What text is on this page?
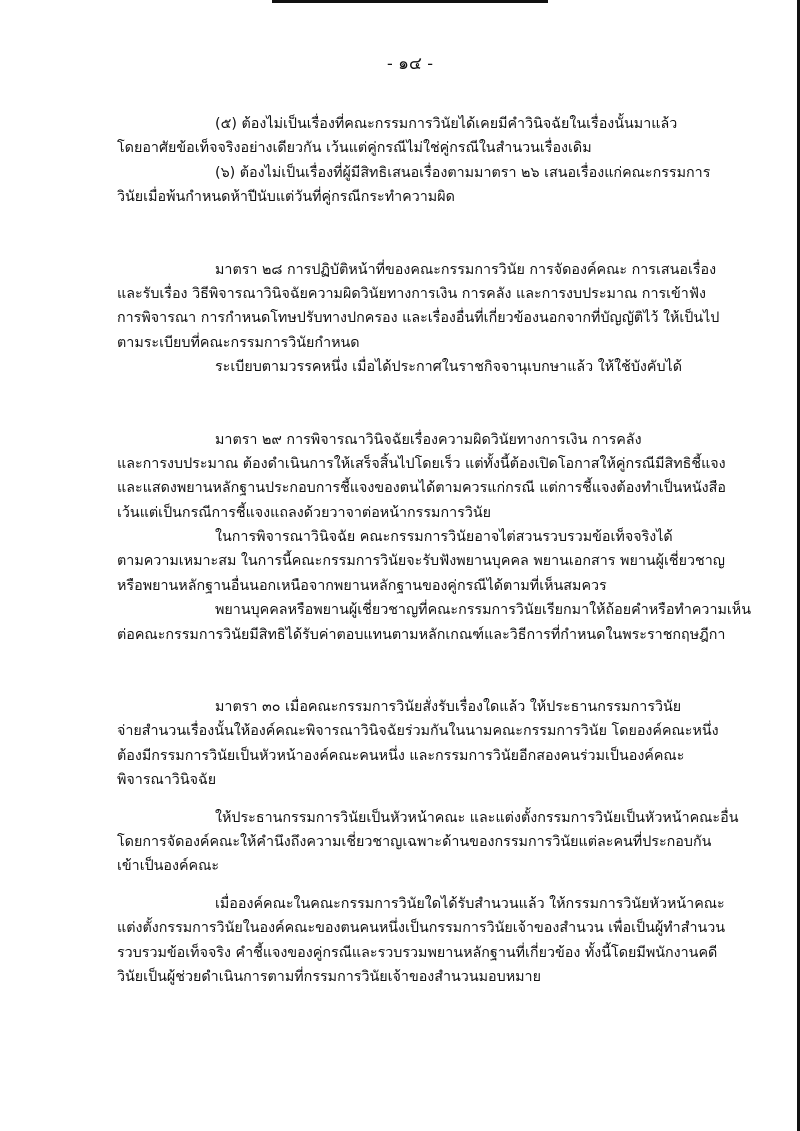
- ๑๔ -
(๕) ต้องไม่เป็นเรื่องที่คณะกรรมการวินัยได้เคยมีคำวินิจฉัยในเรื่องนั้นมาแล้ว
โดยอาศัยข้อเท็จจริงอย่างเดียวกัน เว้นแต่คู่กรณีไม่ใช่คู่กรณีในสำนวนเรื่องเดิม
(๖) ต้องไม่เป็นเรื่องที่ผู้มีสิทธิเสนอเรื่องตามมาตรา ๒๖ เสนอเรื่องแก่คณะกรรมการ
วินัยเมื่อพ้นกำหนดห้าปีนับแต่วันที่คู่กรณีกระทำความผิด
มาตรา ๒๘ การปฏิบัติหน้าที่ของคณะกรรมการวินัย การจัดองค์คณะ การเสนอเรื่อง
และรับเรื่อง วิธีพิจารณาวินิจฉัยความผิดวินัยทางการเงิน การคลัง และการงบประมาณ การเข้าฟัง
การพิจารณา การกำหนดโทษปรับทางปกครอง และเรื่องอื่นที่เกี่ยวข้องนอกจากที่บัญญัติไว้ ให้เป็นไป
ตามระเบียบที่คณะกรรมการวินัยกำหนด
ระเบียบตามวรรคหนึ่ง เมื่อได้ประกาศในราชกิจจานุเบกษาแล้ว ให้ใช้บังคับได้
มาตรา ๒๙ การพิจารณาวินิจฉัยเรื่องความผิดวินัยทางการเงิน การคลัง
และการงบประมาณ ต้องดำเนินการให้เสร็จสิ้นไปโดยเร็ว แต่ทั้งนี้ต้องเปิดโอกาสให้คู่กรณีมีสิทธิชี้แจง
และแสดงพยานหลักฐานประกอบการชี้แจงของตนได้ตามควรแก่กรณี แต่การชี้แจงต้องทำเป็นหนังสือ
เว้นแต่เป็นกรณีการชี้แจงแถลงด้วยวาจาต่อหน้ากรรมการวินัย
ในการพิจารณาวินิจฉัย คณะกรรมการวินัยอาจไต่สวนรวบรวมข้อเท็จจริงได้
ตามความเหมาะสม ในการนี้คณะกรรมการวินัยจะรับฟังพยานบุคคล พยานเอกสาร พยานผู้เชี่ยวชาญ
หรือพยานหลักฐานอื่นนอกเหนือจากพยานหลักฐานของคู่กรณีได้ตามที่เห็นสมควร
พยานบุคคลหรือพยานผู้เชี่ยวชาญที่คณะกรรมการวินัยเรียกมาให้ถ้อยคำหรือทำความเห็น
ต่อคณะกรรมการวินัยมีสิทธิได้รับค่าตอบแทนตามหลักเกณฑ์และวิธีการที่กำหนดในพระราชกฤษฎีกา
มาตรา ๓๐ เมื่อคณะกรรมการวินัยสั่งรับเรื่องใดแล้ว ให้ประธานกรรมการวินัย
จ่ายสำนวนเรื่องนั้นให้องค์คณะพิจารณาวินิจฉัยร่วมกันในนามคณะกรรมการวินัย โดยองค์คณะหนึ่ง
ต้องมีกรรมการวินัยเป็นหัวหน้าองค์คณะคนหนึ่ง และกรรมการวินัยอีกสองคนร่วมเป็นองค์คณะ
พิจารณาวินิจฉัย
ให้ประธานกรรมการวินัยเป็นหัวหน้าคณะ และแต่งตั้งกรรมการวินัยเป็นหัวหน้าคณะอื่น
โดยการจัดองค์คณะให้คำนึงถึงความเชี่ยวชาญเฉพาะด้านของกรรมการวินัยแต่ละคนที่ประกอบกัน
เข้าเป็นองค์คณะ
เมื่อองค์คณะในคณะกรรมการวินัยใดได้รับสำนวนแล้ว ให้กรรมการวินัยหัวหน้าคณะ
แต่งตั้งกรรมการวินัยในองค์คณะของตนคนหนึ่งเป็นกรรมการวินัยเจ้าของสำนวน เพื่อเป็นผู้ทำสำนวน
รวบรวมข้อเท็จจริง คำชี้แจงของคู่กรณีและรวบรวมพยานหลักฐานที่เกี่ยวข้อง ทั้งนี้โดยมีพนักงานคดี
วินัยเป็นผู้ช่วยดำเนินการตามที่กรรมการวินัยเจ้าของสำนวนมอบหมาย
